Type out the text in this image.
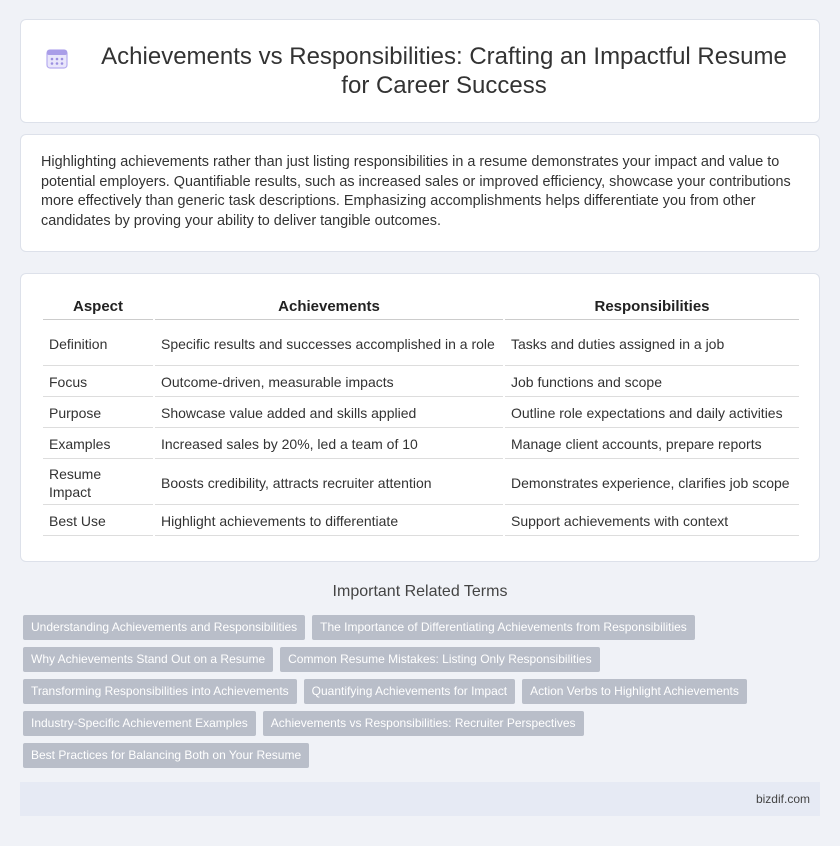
Achievements vs Responsibilities: Crafting an Impactful Resume for Career Success

Highlighting achievements rather than just listing responsibilities in a resume demonstrates your impact and value to potential employers. Quantifiable results, such as increased sales or improved efficiency, showcase your contributions more effectively than generic task descriptions. Emphasizing accomplishments helps differentiate you from other candidates by proving your ability to deliver tangible outcomes.

Aspect	Achievements	Responsibilities
Definition	Specific results and successes accomplished in a role	Tasks and duties assigned in a job
Focus	Outcome-driven, measurable impacts	Job functions and scope
Purpose	Showcase value added and skills applied	Outline role expectations and daily activities
Examples	Increased sales by 20%, led a team of 10	Manage client accounts, prepare reports
Resume Impact	Boosts credibility, attracts recruiter attention	Demonstrates experience, clarifies job scope
Best Use	Highlight achievements to differentiate	Support achievements with context
Important Related Terms
Understanding Achievements and Responsibilities	The Importance of Differentiating Achievements from Responsibilities
Why Achievements Stand Out on a Resume	Common Resume Mistakes: Listing Only Responsibilities
Transforming Responsibilities into Achievements	Quantifying Achievements for Impact	Action Verbs to Highlight Achievements
Industry-Specific Achievement Examples	Achievements vs Responsibilities: Recruiter Perspectives
Best Practices for Balancing Both on Your Resume
bizdif.com
